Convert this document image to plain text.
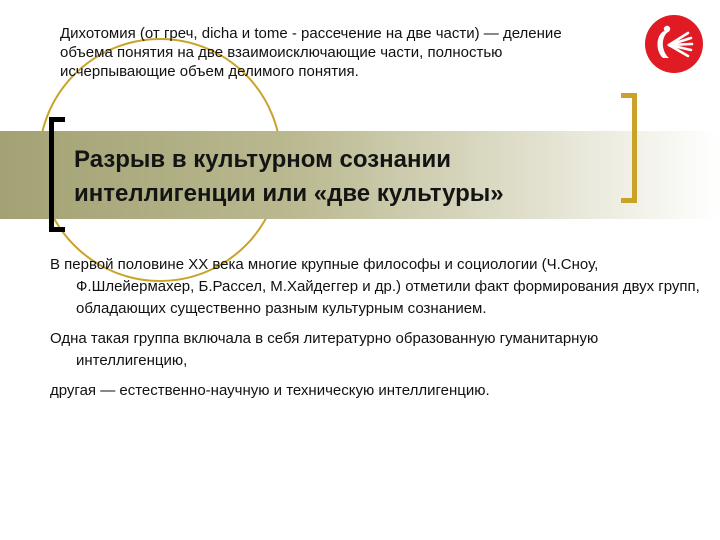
Дихотомия (от греч, dicha и tome - рассечение на две части) — деление объема понятия на две взаимоисключающие части, полностью исчерпывающие объем делимого понятия.
Разрыв в культурном сознании
интеллигенции или «две культуры»

В первой половине ХХ века многие крупные философы и социологии (Ч.Сноу, Ф.Шлейермахер, Б.Рассел, М.Хайдеггер и др.) отметили факт формирования двух групп, обладающих существенно разным культурным сознанием.

Одна такая группа включала в себя литературно образованную гуманитарную интеллигенцию,

другая — естественно-научную и техническую интеллигенцию.
